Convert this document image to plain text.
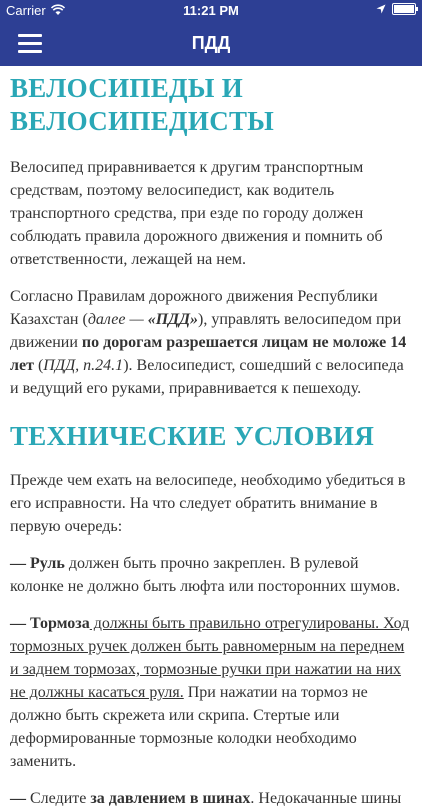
Carrier	11:21 PM
ПДД
ВЕЛОСИПЕДЫ И ВЕЛОСИПЕДИСТЫ

Велосипед приравнивается к другим транспортным средствам, поэтому велосипедист, как водитель транспортного средства, при езде по городу должен соблюдать правила дорожного движения и помнить об ответственности, лежащей на нем.

Согласно Правилам дорожного движения Республики Казахстан (далее — «ПДД»), управлять велосипедом при движении по дорогам разрешается лицам не моложе 14 лет (ПДД, п.24.1). Велосипедист, сошедший с велосипеда и ведущий его руками, приравнивается к пешеходу.

ТЕХНИЧЕСКИЕ УСЛОВИЯ

Прежде чем ехать на велосипеде, необходимо убедиться в его исправности. На что следует обратить внимание в первую очередь:

— Руль должен быть прочно закреплен. В рулевой колонке не должно быть люфта или посторонних шумов.

— Тормоза должны быть правильно отрегулированы. Ход тормозных ручек должен быть равномерным на переднем и заднем тормозах, тормозные ручки при нажатии на них не должны касаться руля. При нажатии на тормоз не должно быть скрежета или скрипа. Стертые или деформированные тормозные колодки необходимо заменить.

— Следите за давлением в шинах. Недокачанные шины
